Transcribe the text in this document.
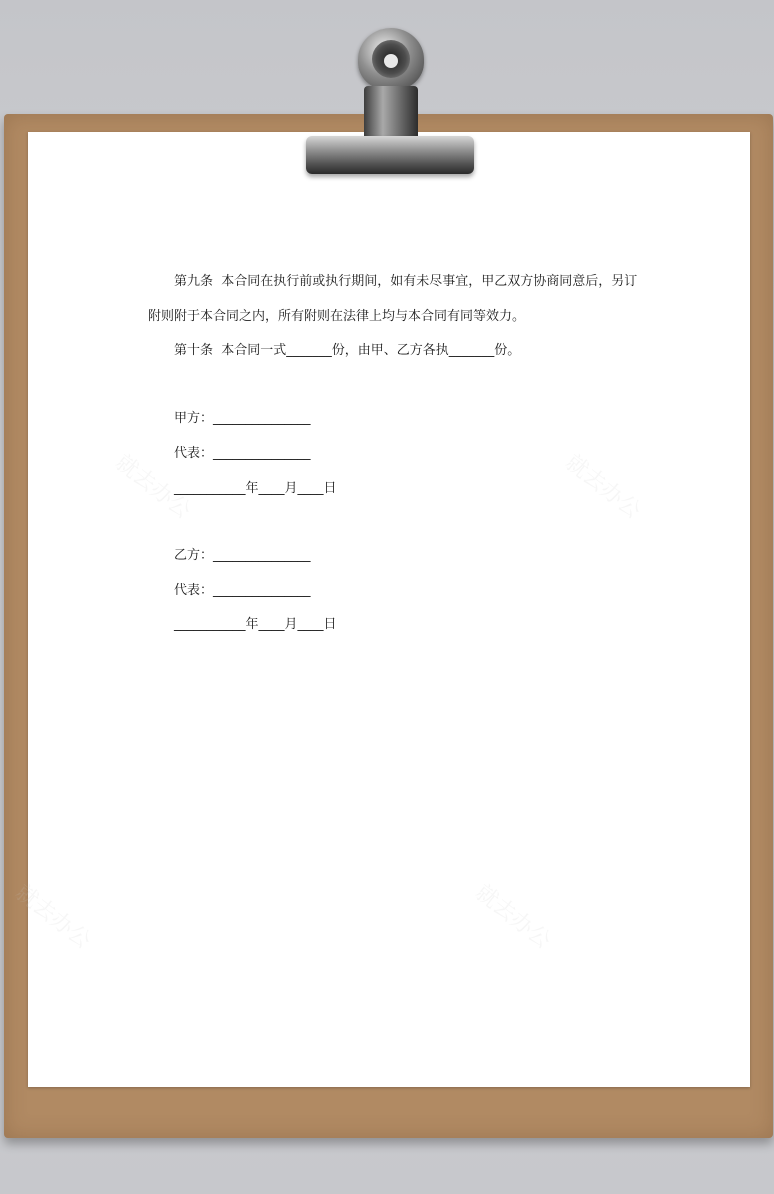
第九条  本合同在执行前或执行期间，如有未尽事宜，甲乙双方协商同意后，另订
附则附于本合同之内，所有附则在法律上均与本合同有同等效力。
第十条  本合同一式_______份，由甲、乙方各执_______份。
甲方：_______________
代表：_______________
___________年____月____日
乙方：_______________
代表：_______________
___________年____月____日
就去办公	就去办公
就去办公	就去办公
